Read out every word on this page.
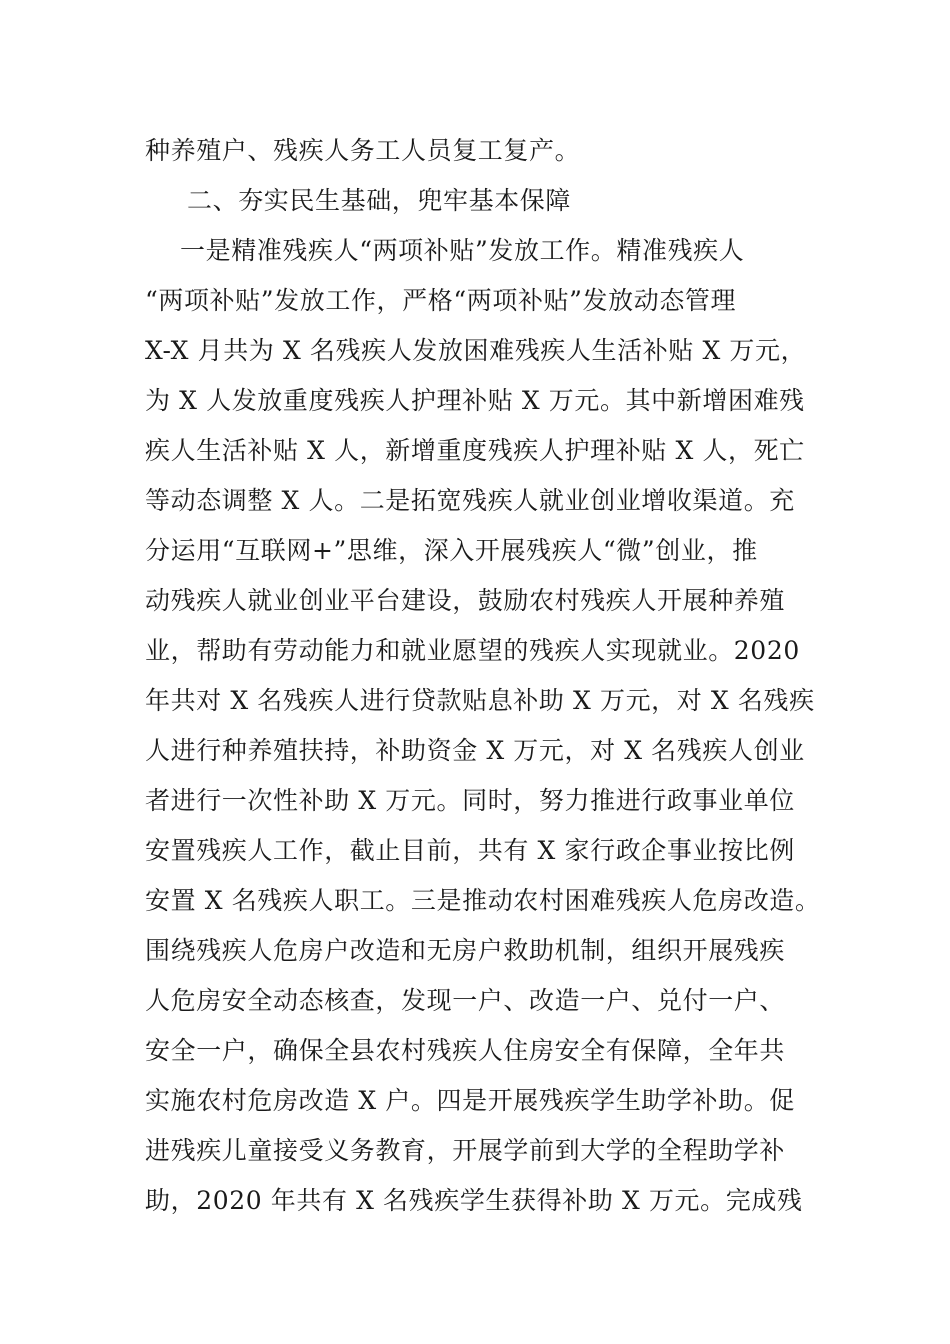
种养殖户、残疾人务工人员复工复产。
二、夯实民生基础，兜牢基本保障
一是精准残疾人“两项补贴”发放工作。精准残疾人
“两项补贴”发放工作，严格“两项补贴”发放动态管理
X-X 月共为 X 名残疾人发放困难残疾人生活补贴 X 万元，
为 X 人发放重度残疾人护理补贴 X 万元。其中新增困难残
疾人生活补贴 X 人，新增重度残疾人护理补贴 X 人，死亡
等动态调整 X 人。二是拓宽残疾人就业创业增收渠道。充
分运用“互联网+”思维，深入开展残疾人“微”创业，推
动残疾人就业创业平台建设，鼓励农村残疾人开展种养殖
业，帮助有劳动能力和就业愿望的残疾人实现就业。2020
年共对 X 名残疾人进行贷款贴息补助 X 万元，对 X 名残疾
人进行种养殖扶持，补助资金 X 万元，对 X 名残疾人创业
者进行一次性补助 X 万元。同时，努力推进行政事业单位
安置残疾人工作，截止目前，共有 X 家行政企事业按比例
安置 X 名残疾人职工。三是推动农村困难残疾人危房改造。
围绕残疾人危房户改造和无房户救助机制，组织开展残疾
人危房安全动态核查，发现一户、改造一户、兑付一户、
安全一户，确保全县农村残疾人住房安全有保障，全年共
实施农村危房改造 X 户。四是开展残疾学生助学补助。促
进残疾儿童接受义务教育，开展学前到大学的全程助学补
助，2020 年共有 X 名残疾学生获得补助 X 万元。完成残
